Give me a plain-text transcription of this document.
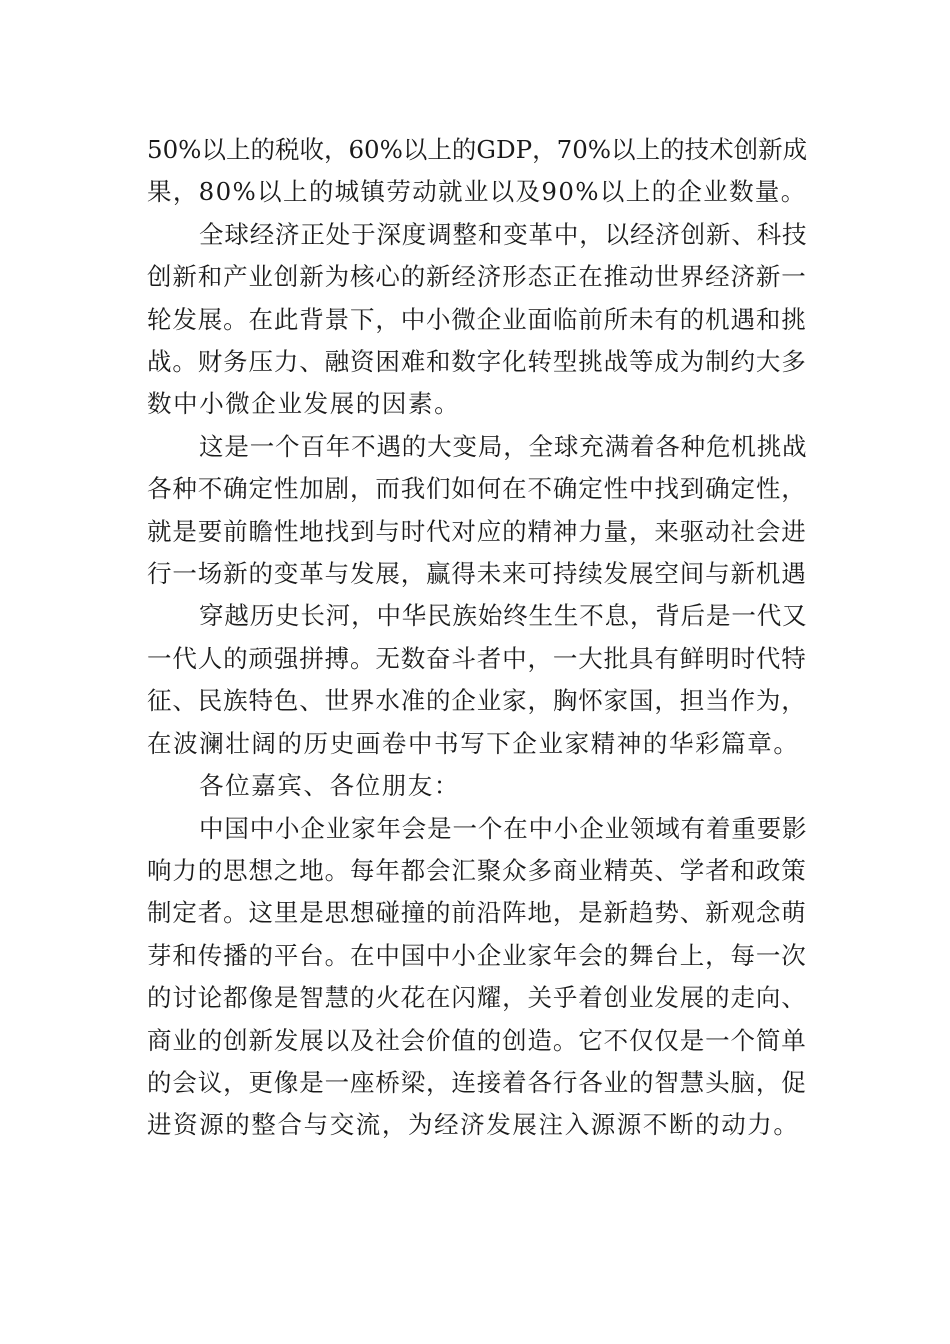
50%以上的税收，60%以上的GDP，70%以上的技术创新成
果，80%以上的城镇劳动就业以及90%以上的企业数量。

全球经济正处于深度调整和变革中，以经济创新、科技
创新和产业创新为核心的新经济形态正在推动世界经济新一
轮发展。在此背景下，中小微企业面临前所未有的机遇和挑
战。财务压力、融资困难和数字化转型挑战等成为制约大多
数中小微企业发展的因素。

这是一个百年不遇的大变局，全球充满着各种危机挑战
各种不确定性加剧，而我们如何在不确定性中找到确定性，
就是要前瞻性地找到与时代对应的精神力量，来驱动社会进
行一场新的变革与发展，赢得未来可持续发展空间与新机遇

穿越历史长河，中华民族始终生生不息，背后是一代又
一代人的顽强拼搏。无数奋斗者中，一大批具有鲜明时代特
征、民族特色、世界水准的企业家，胸怀家国，担当作为，
在波澜壮阔的历史画卷中书写下企业家精神的华彩篇章。

各位嘉宾、各位朋友：

中国中小企业家年会是一个在中小企业领域有着重要影
响力的思想之地。每年都会汇聚众多商业精英、学者和政策
制定者。这里是思想碰撞的前沿阵地，是新趋势、新观念萌
芽和传播的平台。在中国中小企业家年会的舞台上，每一次
的讨论都像是智慧的火花在闪耀，关乎着创业发展的走向、
商业的创新发展以及社会价值的创造。它不仅仅是一个简单
的会议，更像是一座桥梁，连接着各行各业的智慧头脑，促
进资源的整合与交流，为经济发展注入源源不断的动力。
